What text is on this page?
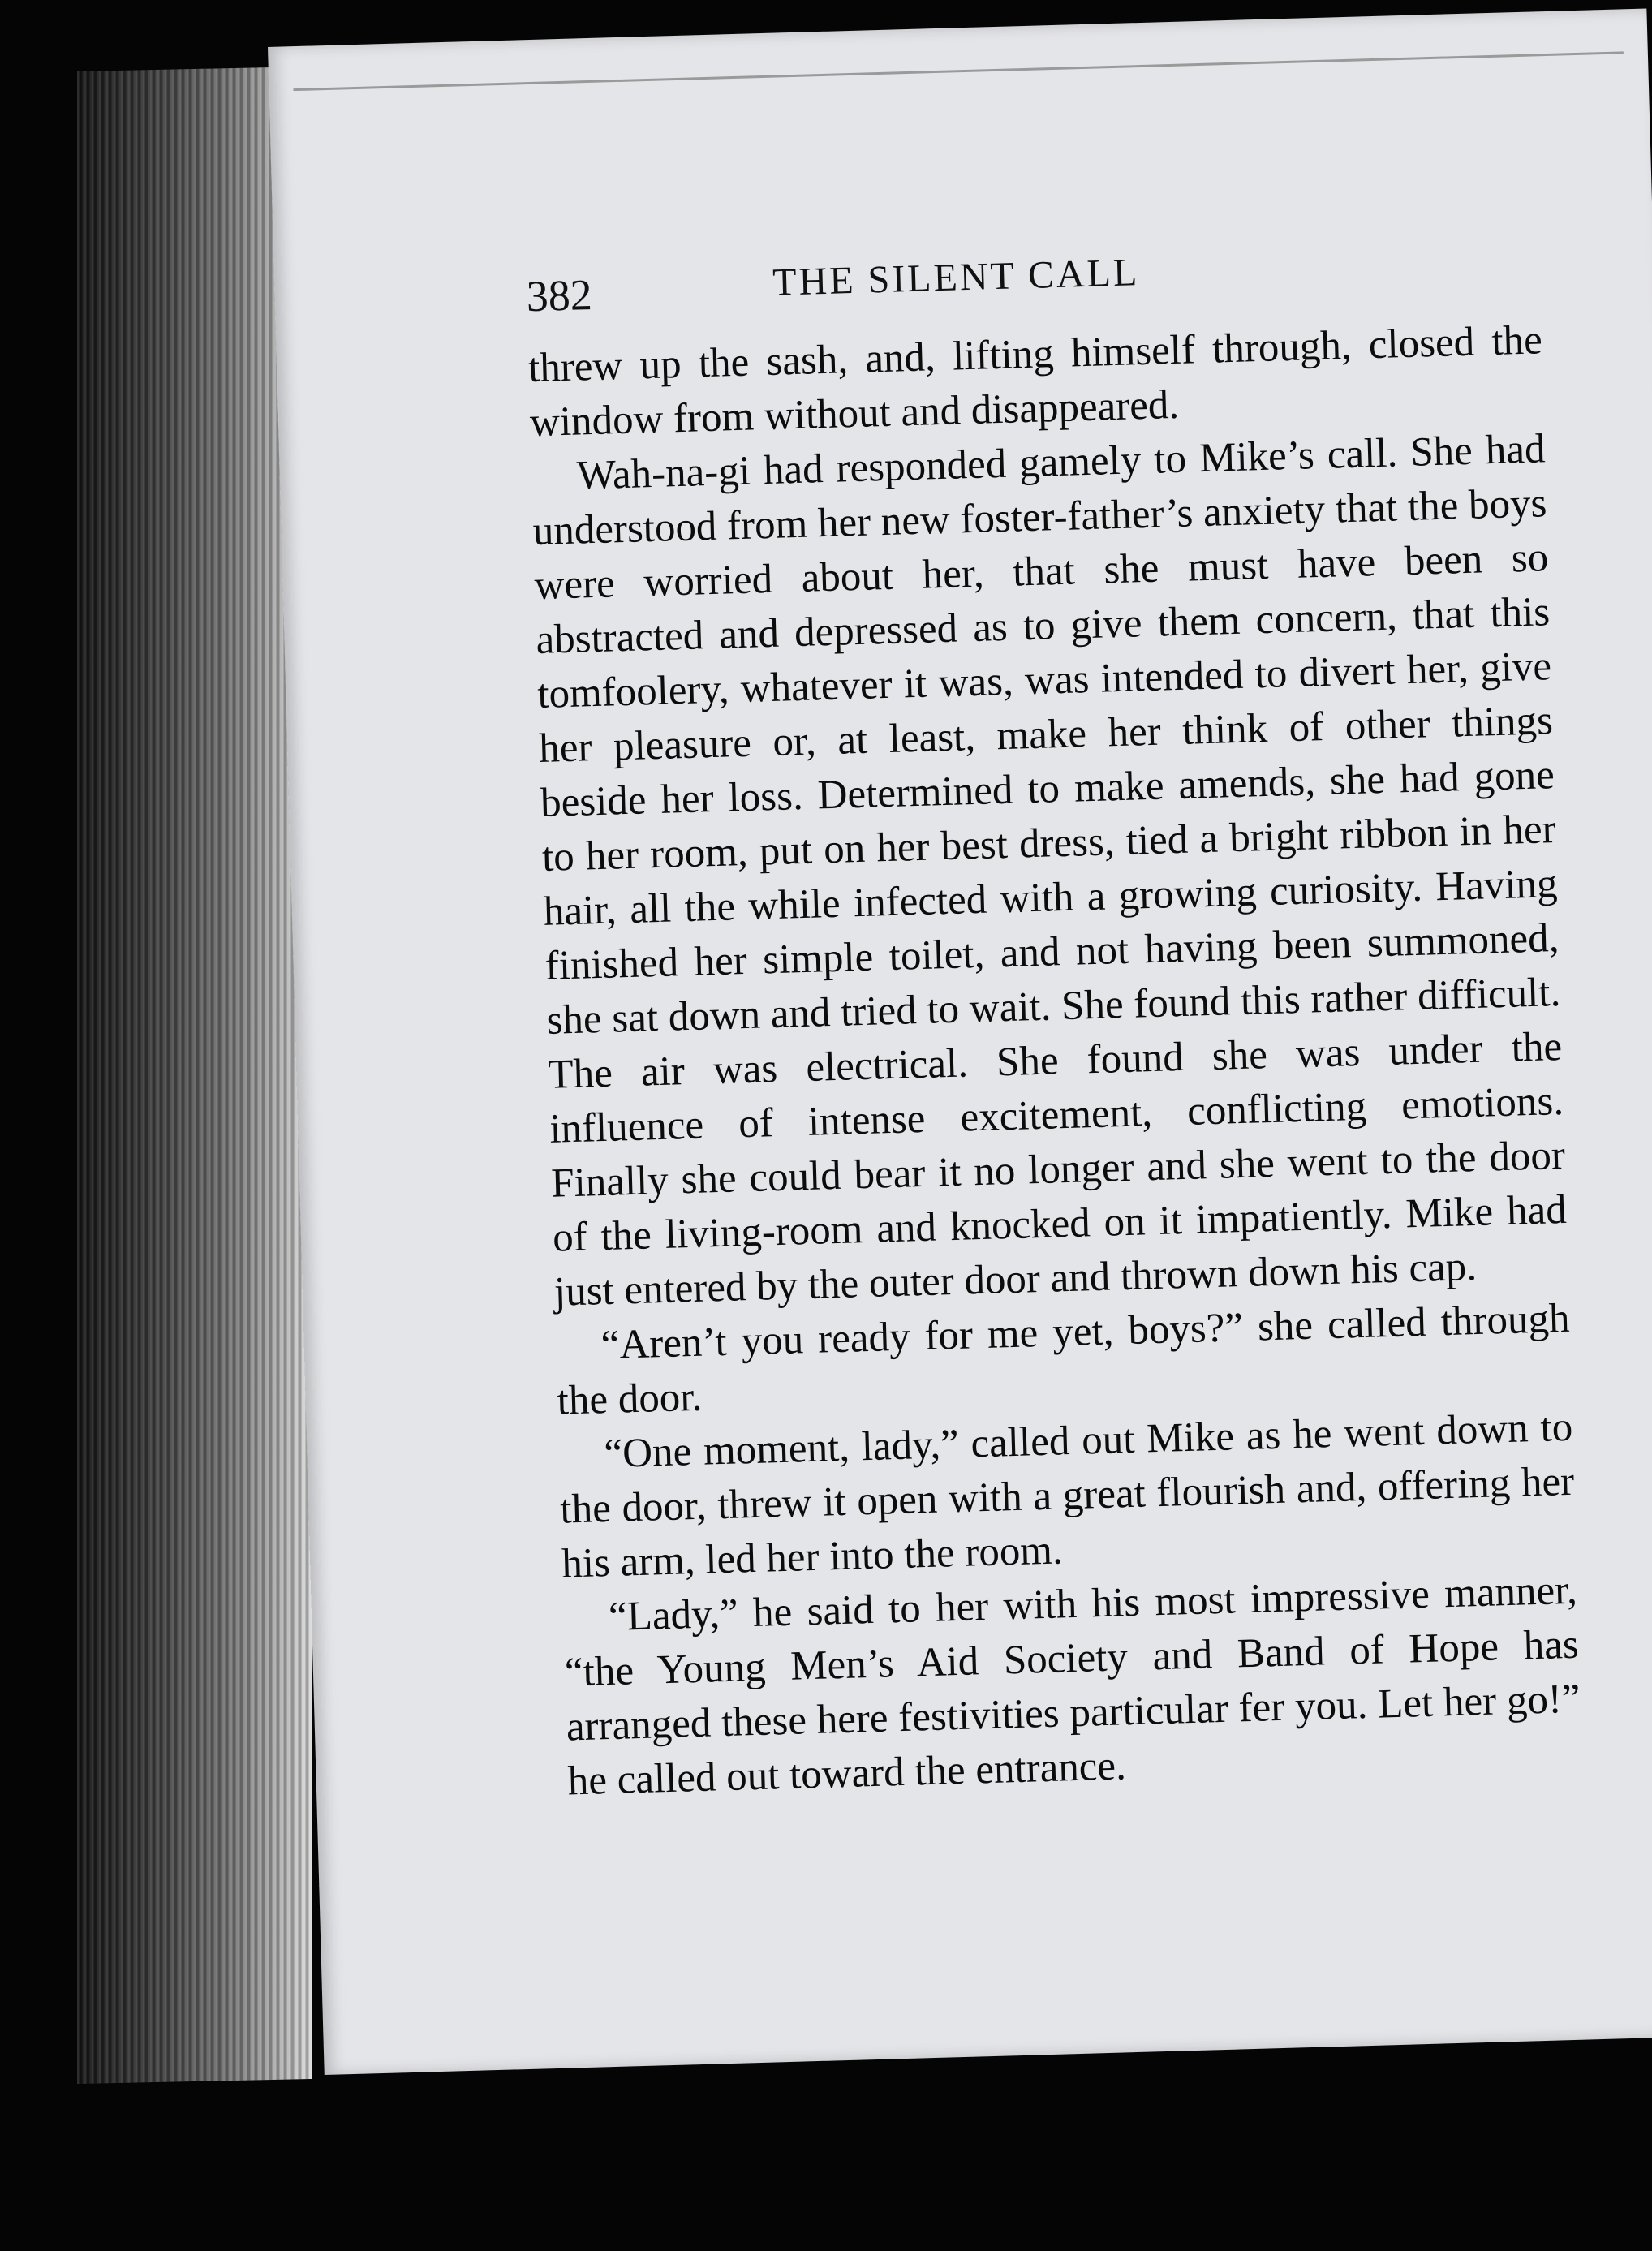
382	THE SILENT CALL

threw up the sash, and, lifting himself through, closed the window from without and disappeared.

Wah-na-gi had responded gamely to Mike’s call. She had understood from her new foster-father’s anxiety that the boys were worried about her, that she must have been so abstracted and depressed as to give them concern, that this tomfoolery, whatever it was, was intended to divert her, give her pleasure or, at least, make her think of other things beside her loss. Determined to make amends, she had gone to her room, put on her best dress, tied a bright ribbon in her hair, all the while infected with a growing curiosity. Having finished her simple toilet, and not having been summoned, she sat down and tried to wait. She found this rather difficult. The air was electrical. She found she was under the influence of intense excitement, conflicting emotions. Finally she could bear it no longer and she went to the door of the living-room and knocked on it impatiently. Mike had just entered by the outer door and thrown down his cap.

“Aren’t you ready for me yet, boys?” she called through the door.

“One moment, lady,” called out Mike as he went down to the door, threw it open with a great flourish and, offering her his arm, led her into the room.

“Lady,” he said to her with his most impressive manner, “the Young Men’s Aid Society and Band of Hope has arranged these here festivities particular fer you. Let her go!” he called out toward the entrance.
